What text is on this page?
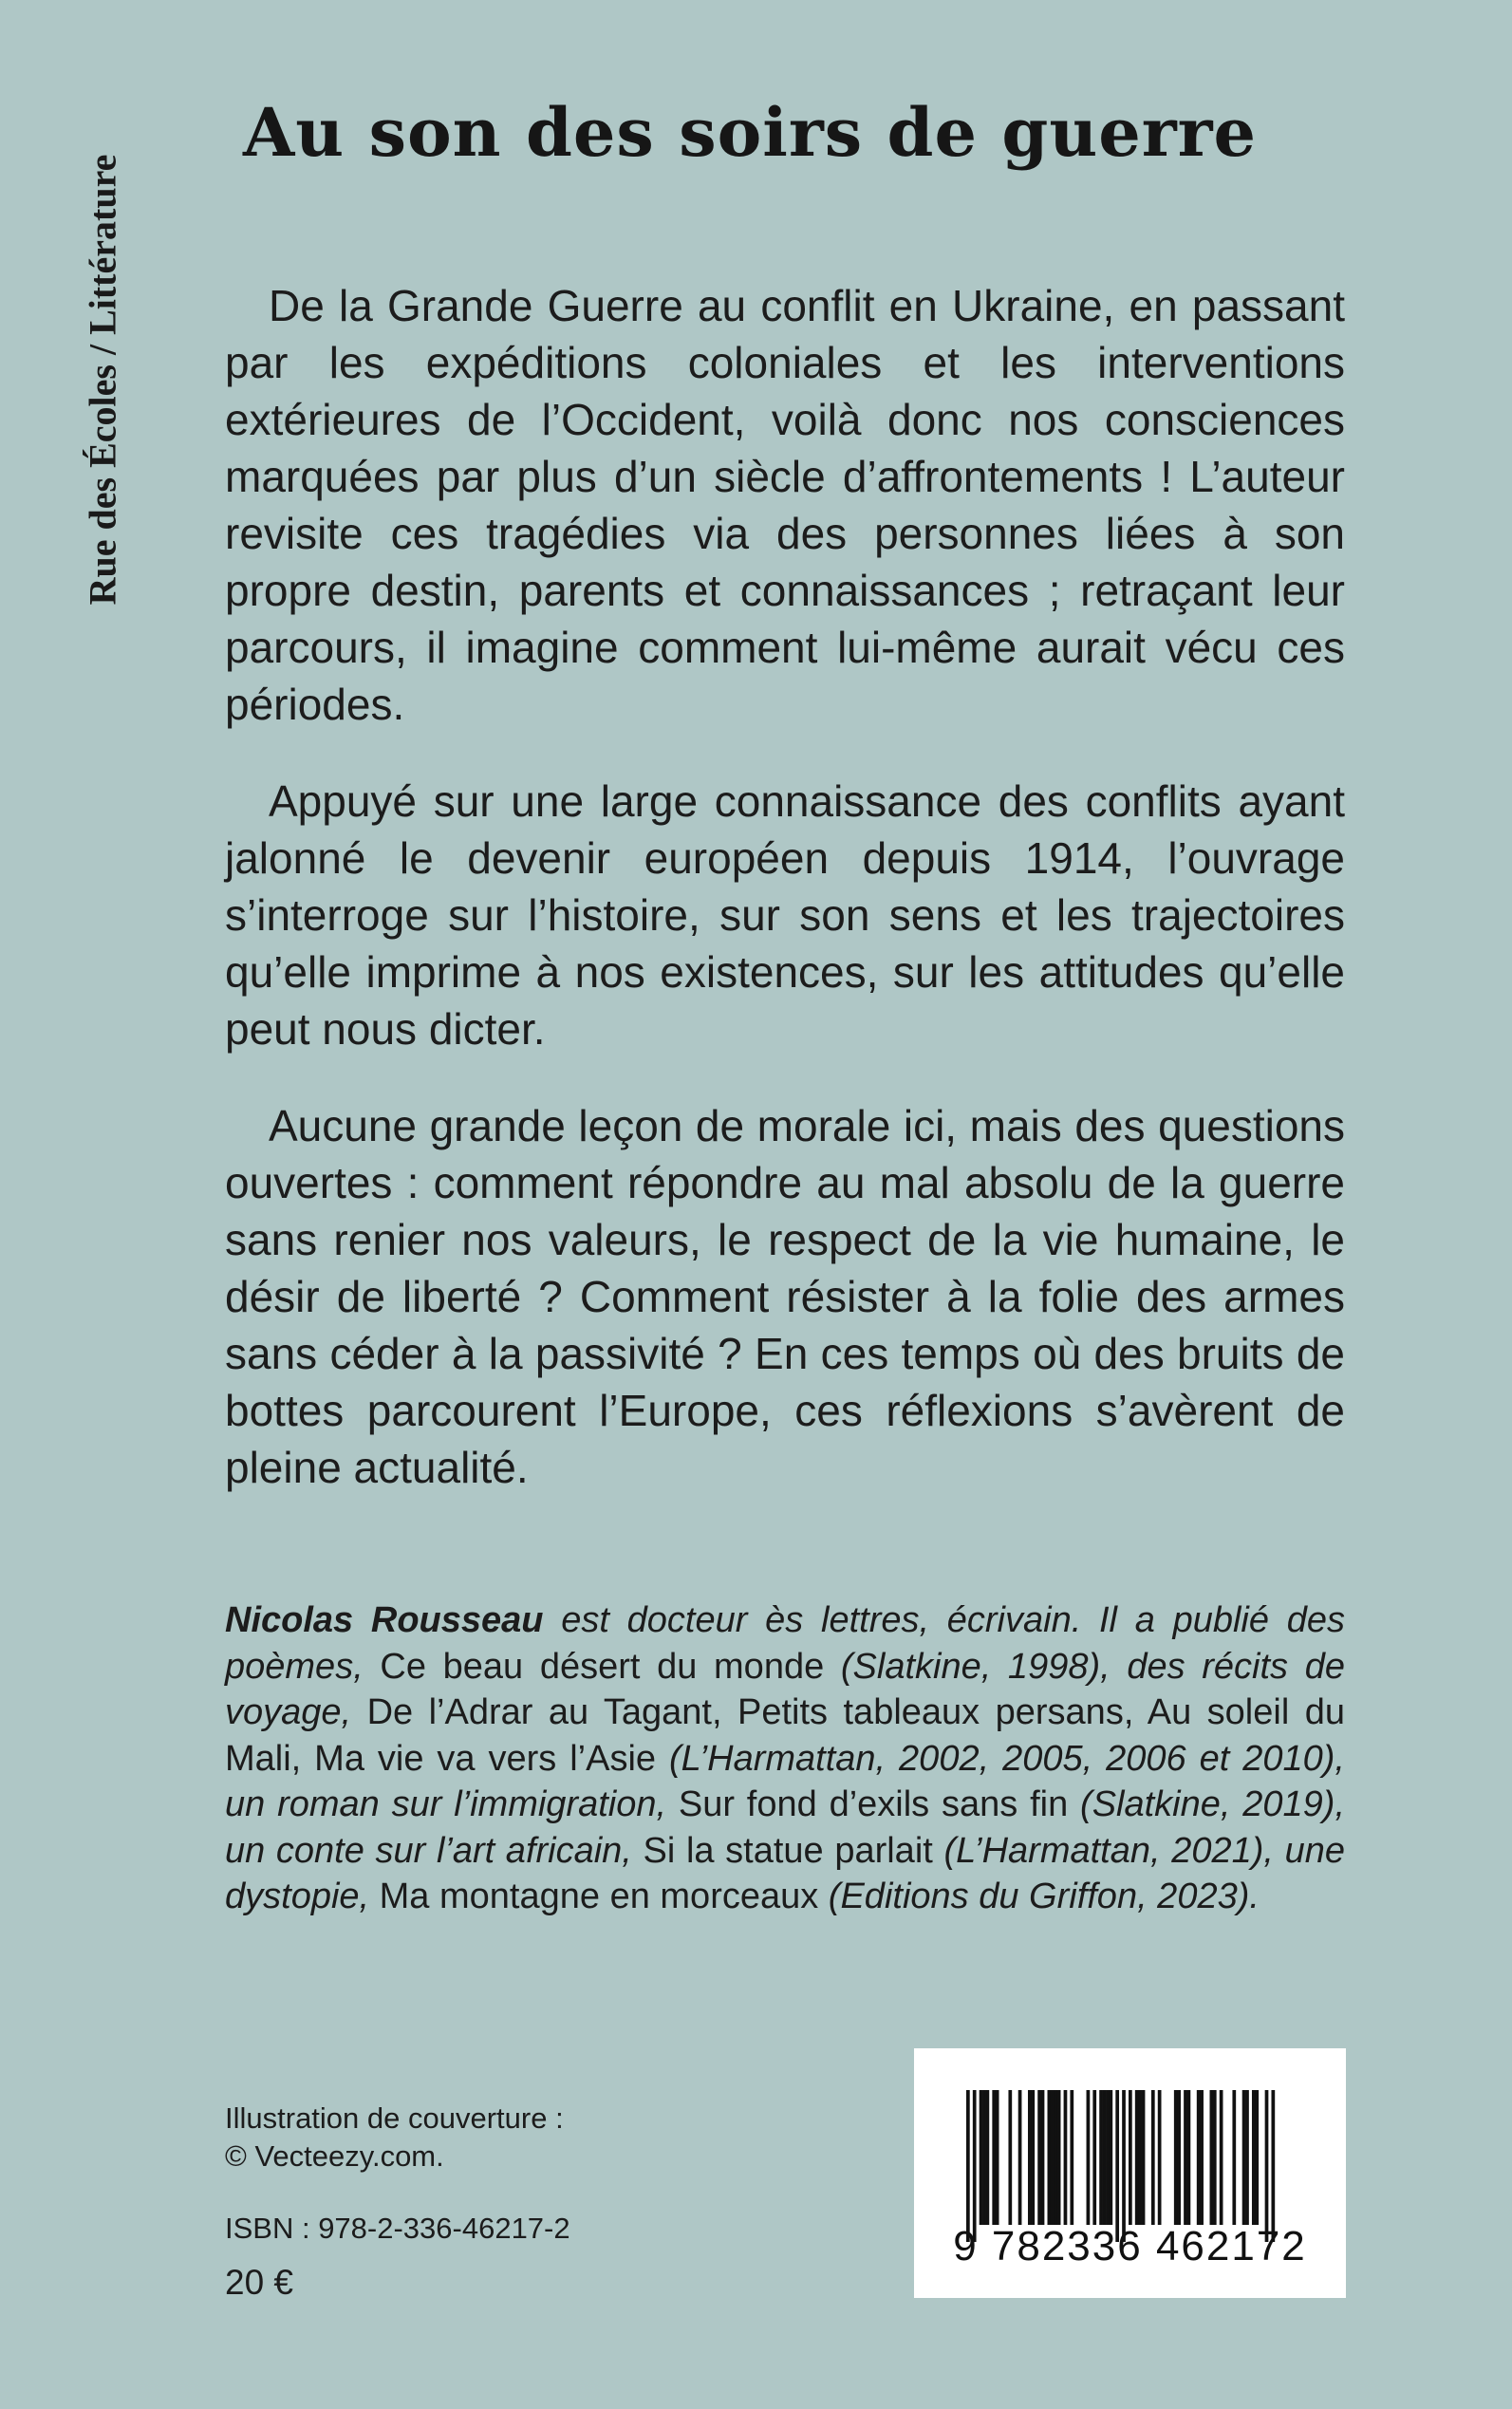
Rue des Écoles / Littérature
Au son des soirs de guerre

De la Grande Guerre au conflit en Ukraine, en passant par les expéditions coloniales et les interventions extérieures de l’Occident, voilà donc nos consciences marquées par plus d’un siècle d’affrontements ! L’auteur revisite ces tragédies via des personnes liées à son propre destin, parents et connaissances ; retraçant leur parcours, il imagine comment lui-même aurait vécu ces périodes.

Appuyé sur une large connaissance des conflits ayant jalonné le devenir européen depuis 1914, l’ouvrage s’interroge sur l’histoire, sur son sens et les trajectoires qu’elle imprime à nos existences, sur les attitudes qu’elle peut nous dicter.

Aucune grande leçon de morale ici, mais des questions ouvertes : comment répondre au mal absolu de la guerre sans renier nos valeurs, le respect de la vie humaine, le désir de liberté ? Comment résister à la folie des armes sans céder à la passivité ? En ces temps où des bruits de bottes parcourent l’Europe, ces réflexions s’avèrent de pleine actualité.

Nicolas Rousseau est docteur ès lettres, écrivain. Il a publié des poèmes, Ce beau désert du monde (Slatkine, 1998), des récits de voyage, De l’Adrar au Tagant, Petits tableaux persans, Au soleil du Mali, Ma vie va vers l’Asie (L’Harmattan, 2002, 2005, 2006 et 2010), un roman sur l’immigration, Sur fond d’exils sans fin (Slatkine, 2019), un conte sur l’art africain, Si la statue parlait (L’Harmattan, 2021), une dystopie, Ma montagne en morceaux (Editions du Griffon, 2023).
Illustration de couverture :
© Vecteezy.com.
ISBN : 978-2-336-46217-2
20 €
9 782336 462172
